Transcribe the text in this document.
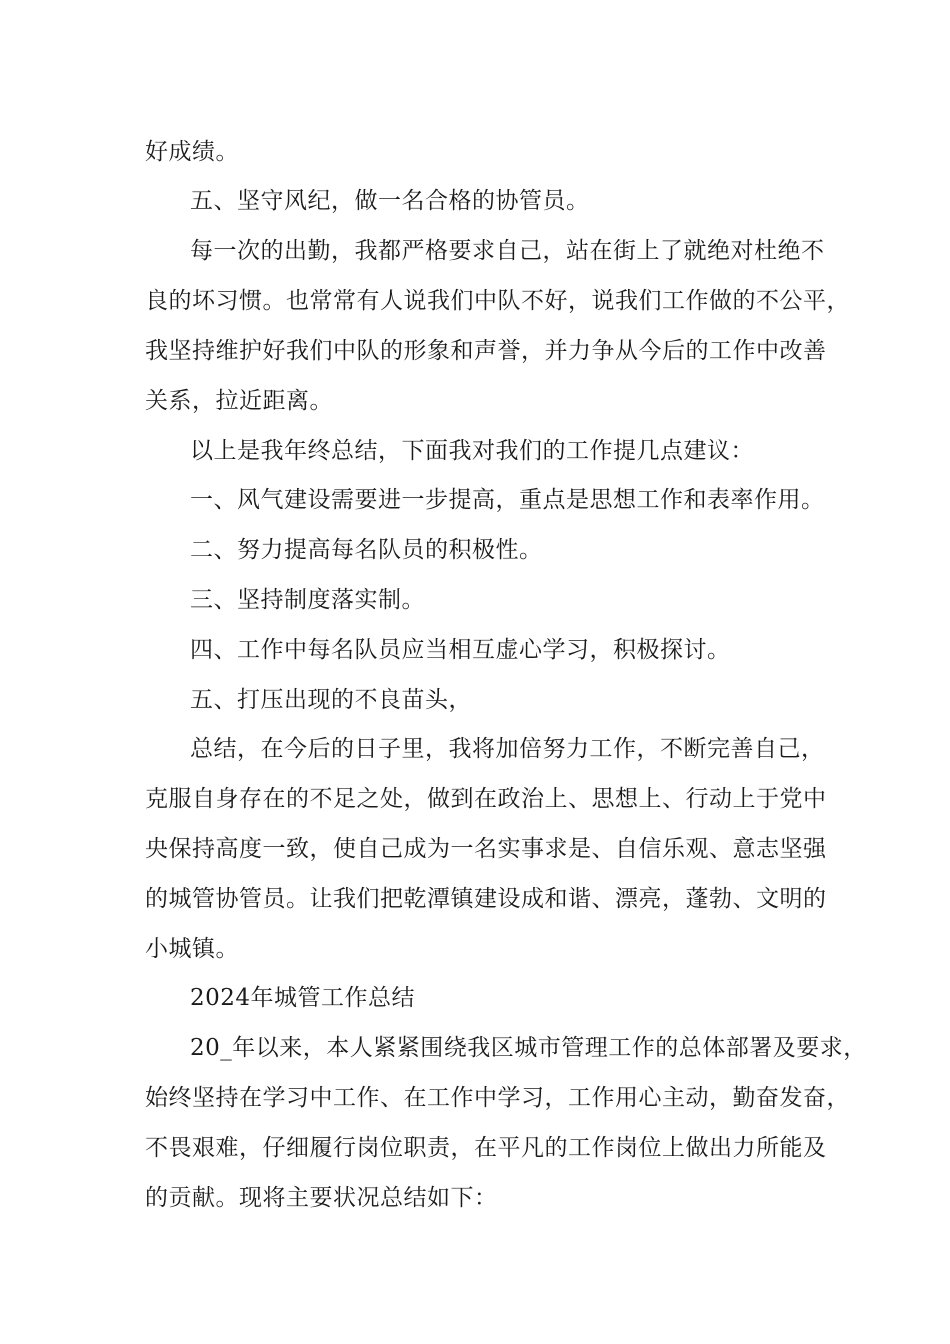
好成绩。
五、坚守风纪，做一名合格的协管员。
每一次的出勤，我都严格要求自己，站在街上了就绝对杜绝不
良的坏习惯。也常常有人说我们中队不好，说我们工作做的不公平，
我坚持维护好我们中队的形象和声誉，并力争从今后的工作中改善
关系，拉近距离。
以上是我年终总结，下面我对我们的工作提几点建议：
一、风气建设需要进一步提高，重点是思想工作和表率作用。
二、努力提高每名队员的积极性。
三、坚持制度落实制。
四、工作中每名队员应当相互虚心学习，积极探讨。
五、打压出现的不良苗头，
总结，在今后的日子里，我将加倍努力工作，不断完善自己，
克服自身存在的不足之处，做到在政治上、思想上、行动上于党中
央保持高度一致，使自己成为一名实事求是、自信乐观、意志坚强
的城管协管员。让我们把乾潭镇建设成和谐、漂亮，蓬勃、文明的
小城镇。
2024年城管工作总结
20_年以来，本人紧紧围绕我区城市管理工作的总体部署及要求，
始终坚持在学习中工作、在工作中学习，工作用心主动，勤奋发奋，
不畏艰难，仔细履行岗位职责，在平凡的工作岗位上做出力所能及
的贡献。现将主要状况总结如下：
